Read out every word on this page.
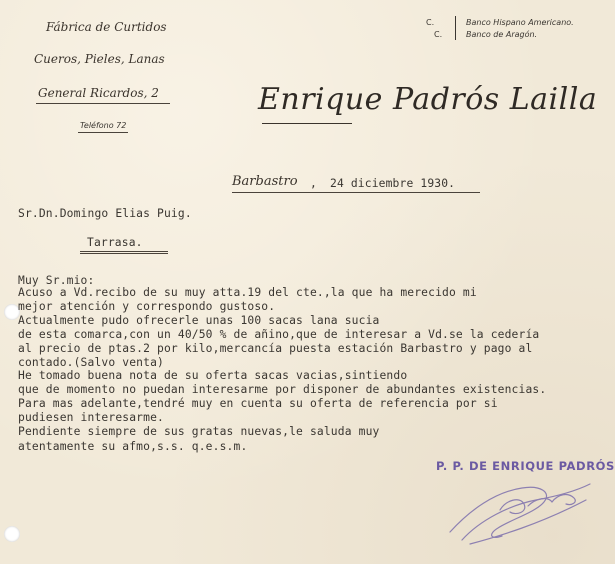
Fábrica de Curtidos
Cueros, Pieles, Lanas
General Ricardos, 2
Teléfono 72
C.
C.
Banco Hispano Americano.
Banco de Aragón.
Enrique Padrós Lailla
Barbastro , 24 diciembre 1930.
Sr.Dn.Domingo Elias Puig.
Tarrasa.
Muy Sr.mio:
Acuso a Vd.recibo de su muy atta.19 del cte.,la que ha merecido mi
mejor atención y correspondo gustoso.
Actualmente pudo ofrecerle unas 100 sacas lana sucia
de esta comarca,con un 40/50 % de añino,que de interesar a Vd.se la cedería
al precio de ptas.2 por kilo,mercancía puesta estación Barbastro y pago al
contado.(Salvo venta)
He tomado buena nota de su oferta sacas vacias,sintiendo
que de momento no puedan interesarme por disponer de abundantes existencias.
Para mas adelante,tendré muy en cuenta su oferta de referencia por si
pudiesen interesarme.
Pendiente siempre de sus gratas nuevas,le saluda muy
atentamente su afmo,s.s. q.e.s.m.
P. P. DE ENRIQUE PADRÓS
